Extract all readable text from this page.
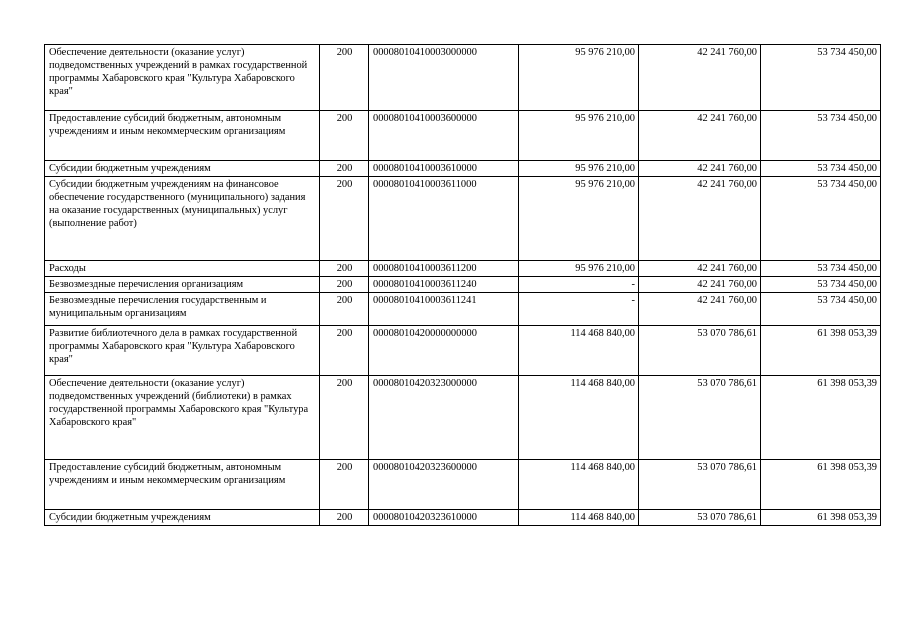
Обеспечение деятельности (оказание услуг) подведомственных учреждений в рамках государственной программы Хабаровского края "Культура Хабаровского края"	200	00008010410003000000	95 976 210,00	42 241 760,00	53 734 450,00
Предоставление субсидий бюджетным, автономным учреждениям и иным некоммерческим организациям	200	00008010410003600000	95 976 210,00	42 241 760,00	53 734 450,00
Субсидии бюджетным учреждениям	200	00008010410003610000	95 976 210,00	42 241 760,00	53 734 450,00
Субсидии бюджетным учреждениям на финансовое обеспечение государственного (муниципального) задания на оказание государственных (муниципальных) услуг (выполнение работ)	200	00008010410003611000	95 976 210,00	42 241 760,00	53 734 450,00
Расходы	200	00008010410003611200	95 976 210,00	42 241 760,00	53 734 450,00
Безвозмездные перечисления организациям	200	00008010410003611240	-	42 241 760,00	53 734 450,00
Безвозмездные перечисления государственным и муниципальным организациям	200	00008010410003611241	-	42 241 760,00	53 734 450,00
Развитие библиотечного дела в рамках государственной программы Хабаровского края "Культура Хабаровского края"	200	00008010420000000000	114 468 840,00	53 070 786,61	61 398 053,39
Обеспечение деятельности (оказание услуг) подведомственных учреждений (библиотеки) в рамках государственной программы Хабаровского края "Культура Хабаровского края"	200	00008010420323000000	114 468 840,00	53 070 786,61	61 398 053,39
Предоставление субсидий бюджетным, автономным учреждениям и иным некоммерческим организациям	200	00008010420323600000	114 468 840,00	53 070 786,61	61 398 053,39
Субсидии бюджетным учреждениям	200	00008010420323610000	114 468 840,00	53 070 786,61	61 398 053,39
